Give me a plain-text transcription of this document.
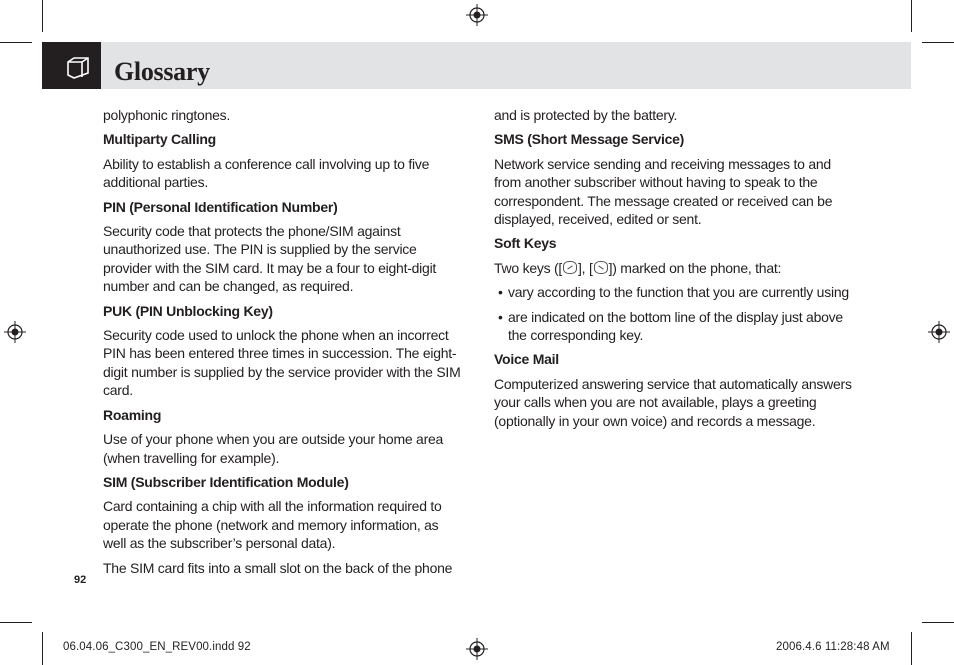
Glossary

polyphonic ringtones.

Multiparty Calling

Ability to establish a conference call involving up to five additional parties.

PIN (Personal Identification Number)

Security code that protects the phone/SIM against unauthorized use. The PIN is supplied by the service provider with the SIM card. It may be a four to eight-digit number and can be changed, as required.

PUK (PIN Unblocking Key)

Security code used to unlock the phone when an incorrect PIN has been entered three times in succession. The eight-digit number is supplied by the service provider with the SIM card.

Roaming

Use of your phone when you are outside your home area (when travelling for example).

SIM (Subscriber Identification Module)

Card containing a chip with all the information required to operate the phone (network and memory information, as well as the subscriber’s personal data).

The SIM card fits into a small slot on the back of the phone

and is protected by the battery.

SMS (Short Message Service)

Network service sending and receiving messages to and from another subscriber without having to speak to the correspondent. The message created or received can be displayed, received, edited or sent.

Soft Keys

Two keys ([ ], [ ]) marked on the phone, that:

• vary according to the function that you are currently using
• are indicated on the bottom line of the display just above the corresponding key.

Voice Mail

Computerized answering service that automatically answers your calls when you are not available, plays a greeting (optionally in your own voice) and records a message.

92
06.04.06_C300_EN_REV00.indd 92	2006.4.6 11:28:48 AM
